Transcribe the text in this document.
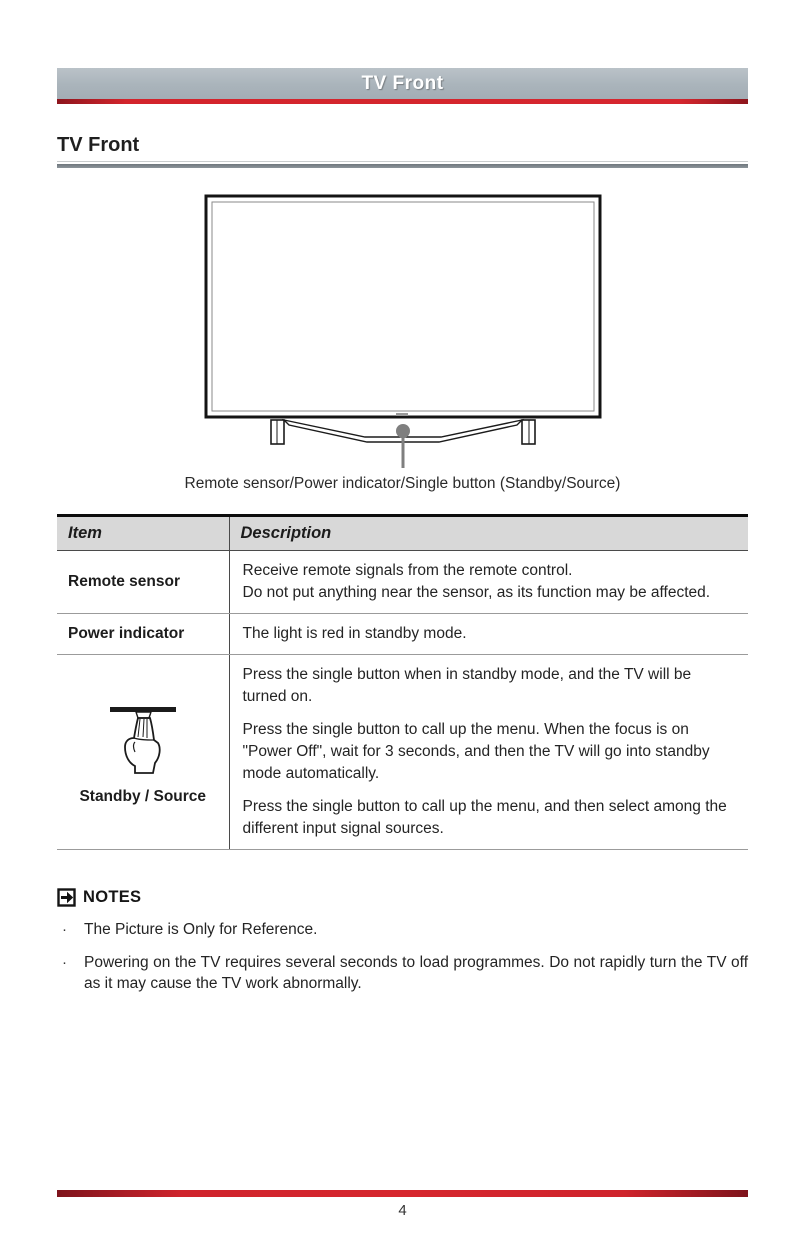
TV Front
TV Front
Remote sensor/Power indicator/Single button (Standby/Source)
Item	Description
Remote sensor	Receive remote signals from the remote control.

Do not put anything near the sensor, as its function may be affected.

Power indicator	The light is red in standby mode.

Standby / Source	Press the single button when in standby mode, and the TV will be turned on.

Press the single button to call up the menu. When the focus is on "Power Off", wait for 3 seconds, and then the TV will go into standby mode automatically.

Press the single button to call up the menu, and then select among the different input signal sources.

NOTES
·	The Picture is Only for Reference.
·	Powering on the TV requires several seconds to load programmes. Do not rapidly turn the TV off as it may cause the TV work abnormally.
4
